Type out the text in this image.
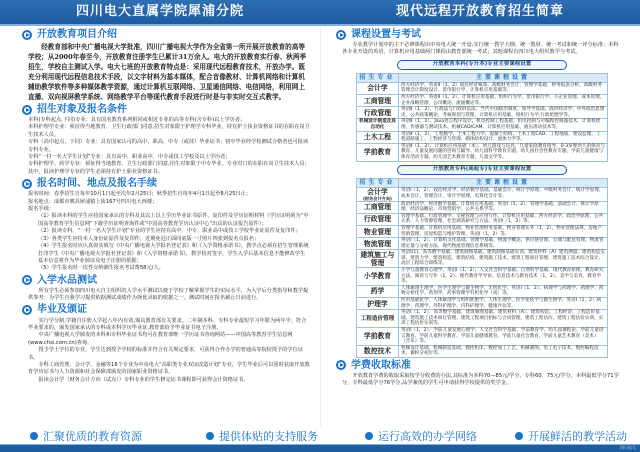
四川电大直属学院犀浦分院	现代远程开放教育招生简章
开放教育项目介绍

经教育部和中央广播电视大学批准，四川广播电视大学作为全省第一所开展开放教育的高等学校；从2000年春至今，开放教育注册学生已累计31万余人。电大的开放教育实行春、秋两季招生，学校自主测试入学。电大七班的开放教育特点是：采用现代远程教育技术，开放办学。既充分利用现代远程信息技术手段，以文字材料为基本媒体，配合音像教材、计算机网络和计算机辅助教学软件等多种媒体教学资源，通过计算机互联网络、卫星通信网络、电信网络，利用网上直播、双向视屏教学系统、网络教学平台等现代教育手段进行时是与非实时交互式教学。

招生对象及报名条件

本科(专科起点,下同)专业：具有国名教育系列相同或相近专业的高等专科(含专科)以上学历者；

本科护理学专业：须征得当地教育、卫生行政部门同意,招生对象限于护理学专科毕业，持有护士执业资格证书的在职在岗卫生技术人员。

专科（高中起点，下同）专业：具有国家认可的高中、职高、中专（或技）毕业证书；初中毕业经学校测试合格者也可报读专科专业。

专科“一村一名大学生计划”专业：具有高中、职业高中、中专或技工学校及以上学历者；

专科护理学、药学专业：须征得当地教育、卫生行政部门同意,招生对象限于中专毕业，专业对口的在职在岗卫生技术人员；其中，报读护理学专业的学生必须持有护士职业资格证书。

报名时间、地点及报名手续

报名时间：春季招生自每年10月1日起至次年2月25日；秋季招生自每年4月1日起至8月25日止；

报名地点：成都市郫县犀浦镇上街167号四川电大西楼；

报名手续：

（1）报读本科的学生应持国家承认的专科及其以上以上学历毕业证书原件、复印件及学历证明材料（学历证明须为“中国高等教育学生信息网”下载学历证明查询件或“中国高等教育学历认证中心”出具的认证报告原件）；

（2）报读专科、“一村一名大学生计划”专业的学生应持有高中、中专、职业高中或技工学校毕业证原件及复印件；

（3）各类学生应持本人身份证原件及复印件，近期免冠正面同底版一寸照片四张到报名点报名；

（4）学生报名时应认真如实填写《中央广播电视大学报名登记表》和《入学资格承诺书》，教学点必须在招生管理系统打印学生《中央广播电视大学报名登记表》和《入学资格承诺书》，教学校对签字，学生入学后基本信息不能修改学生基本信息将作为毕业颁证及电子注册的依据；

（5）学生报名时一次性交纳测生报名考试费58元/人。

入学水品测试

所有学生必须参加四川电大自主组织的入学水平测试以便于学校了解掌握学生的实际水平，为入学后分类指导和教学提供参考；为学生自我学习提供依据测试成绩作为择优录取的依据之一。测试时间在报名截止日前进行。

毕业及颁证

实行学分制,学籍自注册入学起八年内有效,颁具教育部有关要求。二年制本科、专科专业最短学习年限为两年半；符合毕业要求的，颁发国家承认的专科或本科学历毕业证,教育部给予毕业证书电子注册。

中央广播电视大学颁发的本科和专科毕业证书均可在教育部唯一学历证书查询网站——中国高等教育学生信息网(www.chsi.com.cn)查询。

授予学士学位的专业，学生达到授予学校的标准并符合有关规定要求，可获得合作办学的普通高等院校授予的学位证书。

专科工商管理、会计学、金融等16个专业为中央电大“高职类专业双证改造计划”专业，学生毕业后可以同时获取开放教育学历证书与人力资源和社会保障部颁发的国家职业资格证书。

报读会计学（财务会计方向（试点））专科专业的学生修完证书课程即可获得会计资格证书。

课程设置与考试

专业教学计划中的主干必修课程由中央电大统一开设,实行统一教学大纲、统一教材、统一考试和统一评分标准；本科各专业开设的英语、计算机应用基础两门课程由教育部统一考试；其他课程有四川电大组织教学与考试。

开放教育本科(专升本)专业主要课程设置
招生专业	主要课程设置
会计学	西方经济学、英语Ⅱ（1，2）国民经济核算、高级财务会计、管理学基础、财务报表分析、高级财务管理会计制度设计、货币银行学、计算机应用基础等。
工商管理	西方经济学、英语Ⅱ（1，2），计算机应用基础、组织行为学、货币银行学、小企业管理、成本管理、企业战略管理、公司概论、流通概论等。
行政管理	英语Ⅱ（1，2）、行政法与行政诉讼法、当代中国政治制度、领导学基础、政府经济学、中外政治思想史、公共政策概论、考核规划与管理、计算机应用基础、组织行为学,行政伦理学等。
机械设计制造及其自动化	英语Ⅱ（1，2）、Java语言程序设计、机电控制工程基础、机电控制与可编程控制器技术、计算机绘图、传感器与测试技术、机械CAD/CAM、计算机应用基础、液压滑动技术等。
土木工程	英语Ⅱ（1，2）、工程数学、土木工程力学、混凝土结构、土木工程CAD、工程地质、建设监理、工程道路施工、工程经济与管理、砌体结构设计、流体力学等。
学前教育	英语Ⅱ（1，2）、计算机应用基础（本）、幼儿游戏与玩具、儿童家庭教育指导、0-3岁婴幼儿的保育与教育、儿童发展问题的咨询与辅导、幼儿园科学教育专题、幼儿园社会性教育专题、学前儿童健康与体育活动专题、幼儿园艺术教育专题、儿童文学等。
开放教育专科(高起专)专业主要课程设置
招生专业	主要课程设置
会计学
(财务会计方向)	英语Ⅰ（1，2）、政治经济学、经济数学基础、基础会计、统计学原理、中级财务会计、统计学原理、成本会计、管理会计、审计学原理、电算化会计等。
工商管理	政治经济学、经济数学基础、计算机应用基础、英语Ⅰ（1，2）、管理学基础、基础会计、统计学原理、经济法概论、市场营销学、公共关系学等。
行政管理	管理学基础、行政管理学、文秘管理与应用写作、计算机应用基础、西方经济学、政治学原理、公共关系、人力资源管理、社会调查研究与方法、英语Ⅰ（1，2）等。
物业管理	管理学基础、计算机应用基础、物业管理财务基础、物业管理实务（1，2）、物业管理法规、房地产营销管理、房屋构造与维护管理、英语Ⅰ（1，2）等。
物流管理	英语Ⅰ（1，2）、计算机文化基础、管理学基础、物流学概论、供应链管理、仓储与配送管理、物流管理定量与分析方法、现代物流管理信息系统等。
建筑施工与管理	英语Ⅰ(1)、高等数学基础、建筑制图基础、建筑制图基础实训、建筑材料（A）建筑测量、建筑构造实训、建筑力学、建筑构造、建筑结构、建筑施工技术、建筑工程项目管理、建筑施工技术综合设计、高层工程综合训练等。
小学教育	小学儿童教育心理学、英语Ⅰ（1，2）、人文社会科学基础、自然科学基础、现代教育原理、教育研究方法、阅读与写作（1，2）、现代教育学导论、信息技术与教育技术（1，2）、美学与美育、教育学等。
药学	人体解剖生理学、医学生理学与微生物学、无机化学、英语Ⅰ（1，2）、病理学与药理学、药理学、药物分析化学、药剂学、药事管理学有机化学（高）等。
护理学	医用基础化学、人体解剖学与组织胚胎学、人体生理学、医学免疫学与微生物学、英语Ⅰ（1，2）病理学、药理学、外科护理学、内科护理学、健康评估等。
工程造价管理	英语Ⅰ（1，2）、高等数学基础、建筑制图基础、建筑材料（A）、建筑构造、工程经济、工程造价基础、建筑施工技术项目管理、建筑工程项目招标与合同管理、建筑工程估价、建筑工程估价实训、实训工程估价实训等。
学前教育	英语Ⅰ（1，2）、学前儿童发展心理学、人文社会科学基础、学前教育学、幼儿园课程论、学前儿童语言教育、学前儿童科学教育、学前儿童健康教育、学前儿童社会教育、学前儿童艺术教育（美术）（音乐）等。
数控技术	机械设计基础、机械制造基础、数控机床、数控加工工艺、机械制图、电工电子技术、数控编程技术、微积分初步等。
学费收取标准

开放教育学费的收取采取按学分收费的办法,其标准为本科70—85元/学分、专科60、75元/学分。本科最低学分71学分，专科最低学分76学分,品学兼优的学生可申请获得学校提供的奖学金。

汇聚优质的教育资源	提供体贴的支持服务	运行高效的办学网络	开展鲜活的教学活动
四川电大
